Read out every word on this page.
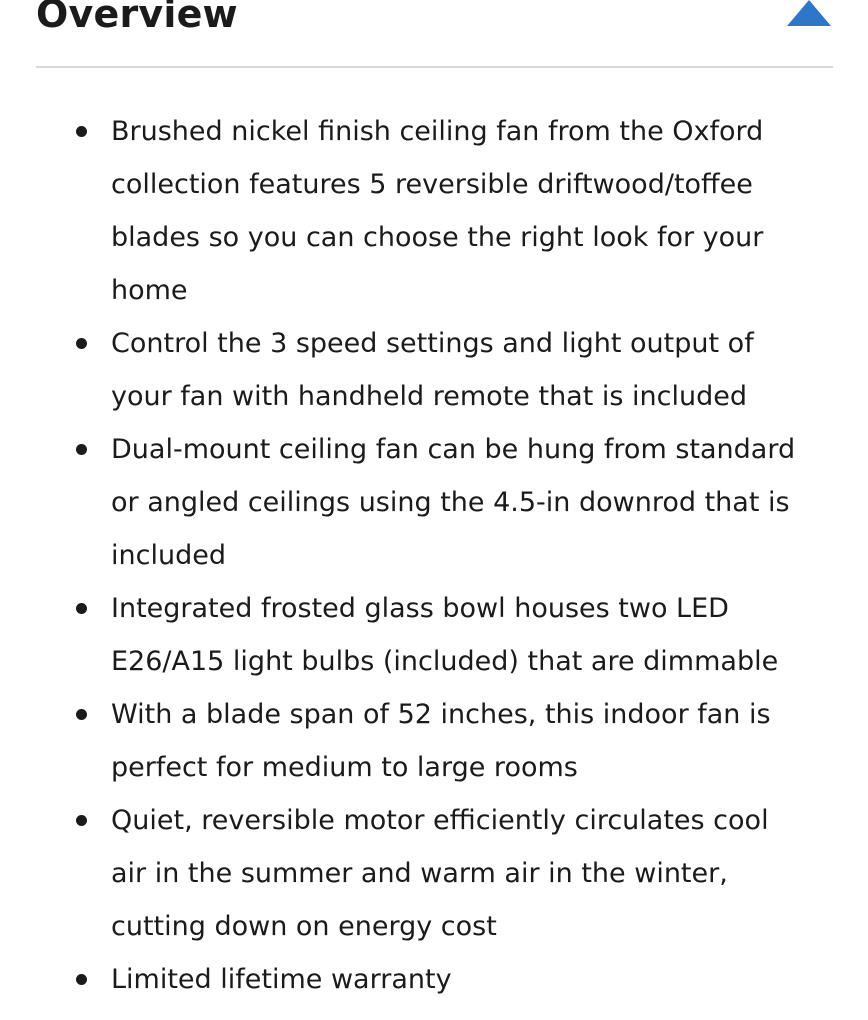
Overview
Brushed nickel finish ceiling fan from the Oxford collection features 5 reversible driftwood/toffee blades so you can choose the right look for your home
Control the 3 speed settings and light output of your fan with handheld remote that is included
Dual-mount ceiling fan can be hung from standard or angled ceilings using the 4.5-in downrod that is included
Integrated frosted glass bowl houses two LED E26/A15 light bulbs (included) that are dimmable
With a blade span of 52 inches, this indoor fan is perfect for medium to large rooms
Quiet, reversible motor efficiently circulates cool air in the summer and warm air in the winter, cutting down on energy cost
Limited lifetime warranty
